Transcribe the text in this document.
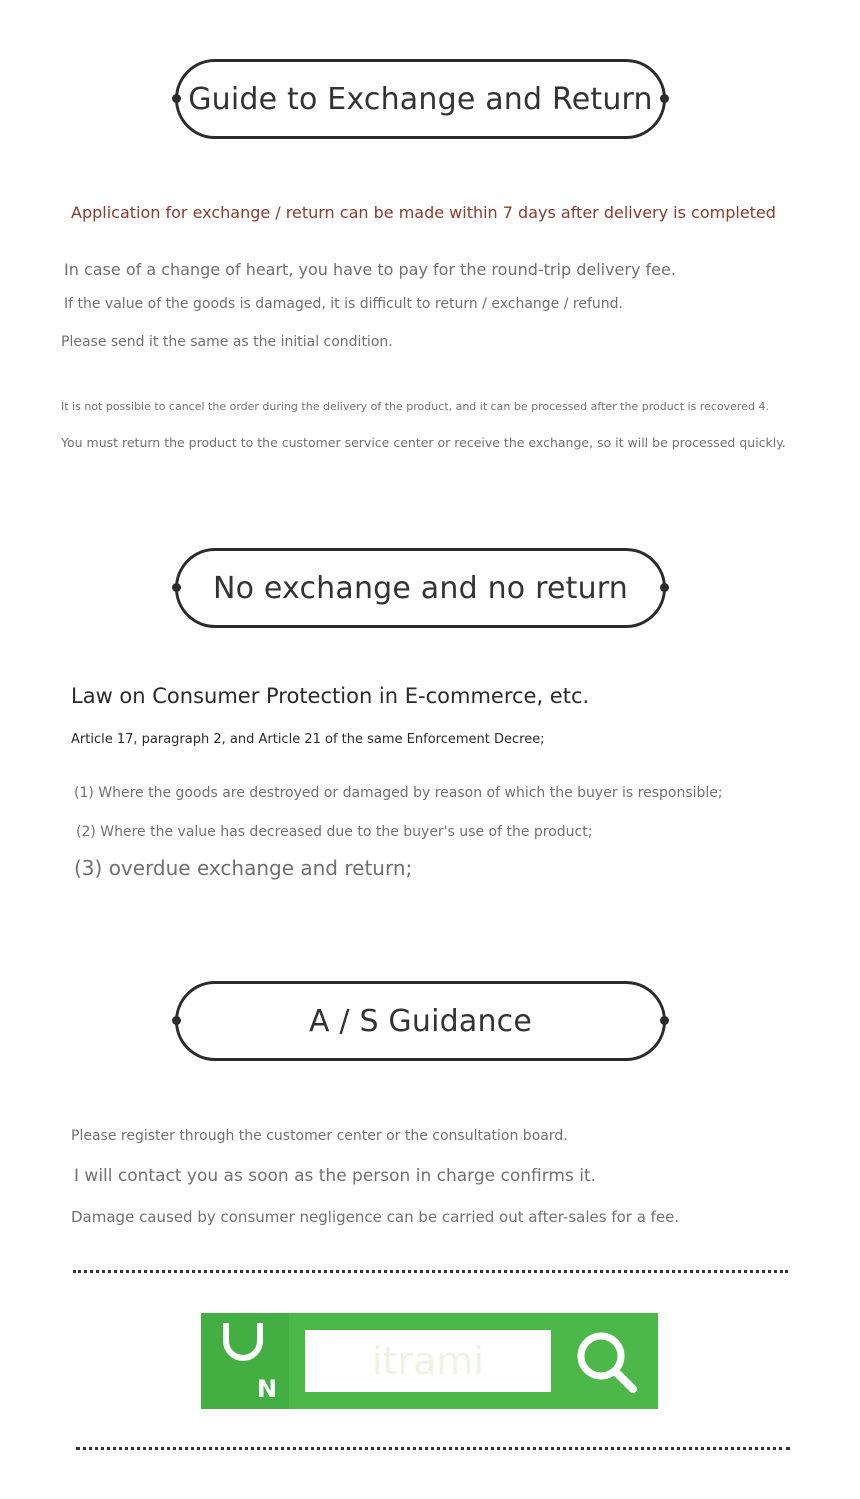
Guide to Exchange and Return
Application for exchange / return can be made within 7 days after delivery is completed
In case of a change of heart, you have to pay for the round-trip delivery fee.
If the value of the goods is damaged, it is difficult to return / exchange / refund.
Please send it the same as the initial condition.
It is not possible to cancel the order during the delivery of the product, and it can be processed after the product is recovered 4.
You must return the product to the customer service center or receive the exchange, so it will be processed quickly.
No exchange and no return
Law on Consumer Protection in E-commerce, etc.
Article 17, paragraph 2, and Article 21 of the same Enforcement Decree;
(1) Where the goods are destroyed or damaged by reason of which the buyer is responsible;
(2) Where the value has decreased due to the buyer's use of the product;
(3) overdue exchange and return;
A / S Guidance
Please register through the customer center or the consultation board.
I will contact you as soon as the person in charge confirms it.
Damage caused by consumer negligence can be carried out after-sales for a fee.
N
itrami
